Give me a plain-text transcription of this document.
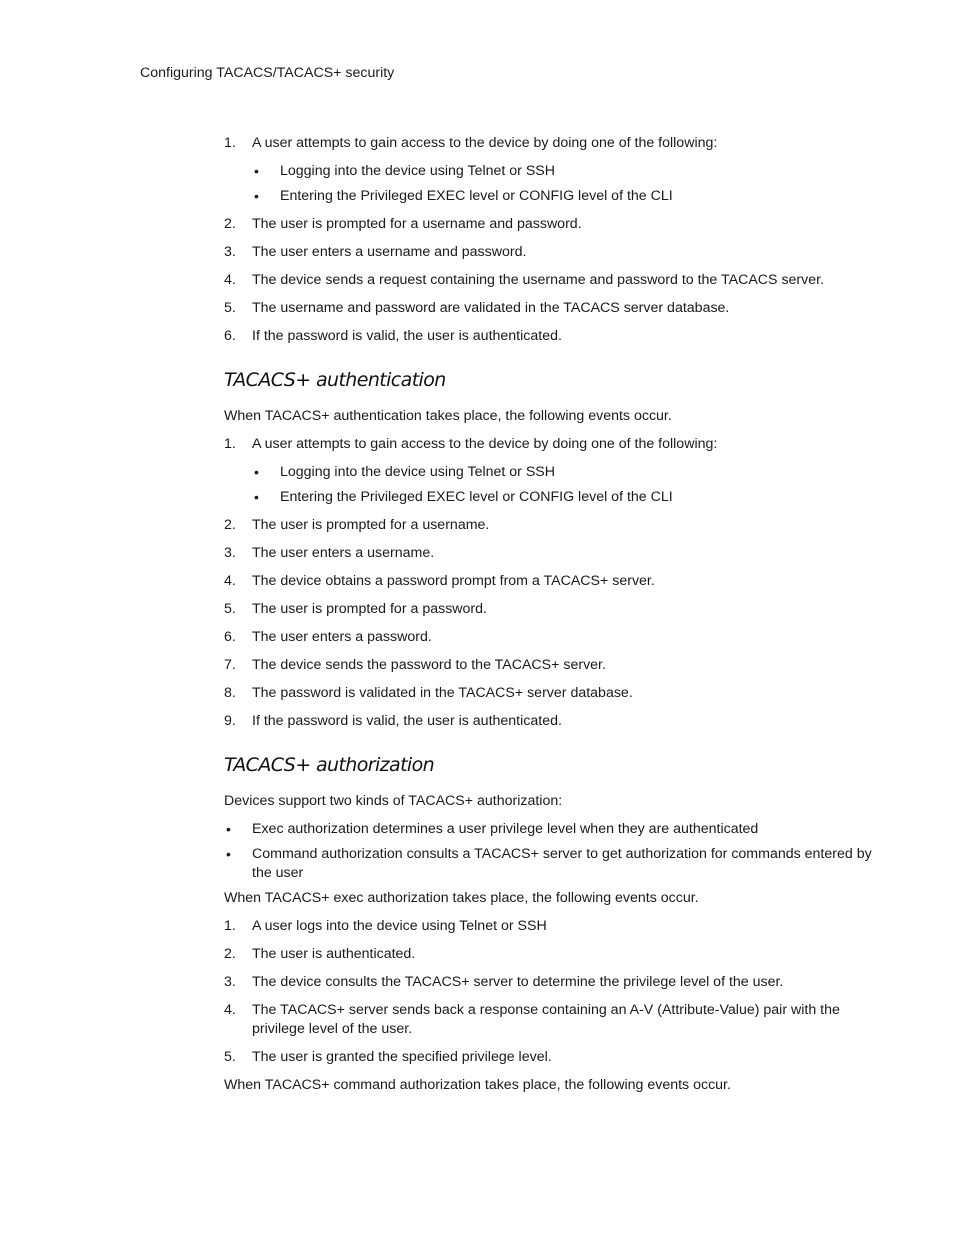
Configuring TACACS/TACACS+ security
1. A user attempts to gain access to the device by doing one of the following:
• Logging into the device using Telnet or SSH
• Entering the Privileged EXEC level or CONFIG level of the CLI
2. The user is prompted for a username and password.
3. The user enters a username and password.
4. The device sends a request containing the username and password to the TACACS server.
5. The username and password are validated in the TACACS server database.
6. If the password is valid, the user is authenticated.
TACACS+ authentication

When TACACS+ authentication takes place, the following events occur.

1. A user attempts to gain access to the device by doing one of the following:
• Logging into the device using Telnet or SSH
• Entering the Privileged EXEC level or CONFIG level of the CLI
2. The user is prompted for a username.
3. The user enters a username.
4. The device obtains a password prompt from a TACACS+ server.
5. The user is prompted for a password.
6. The user enters a password.
7. The device sends the password to the TACACS+ server.
8. The password is validated in the TACACS+ server database.
9. If the password is valid, the user is authenticated.
TACACS+ authorization

Devices support two kinds of TACACS+ authorization:

• Exec authorization determines a user privilege level when they are authenticated
• Command authorization consults a TACACS+ server to get authorization for commands entered by the user

When TACACS+ exec authorization takes place, the following events occur.

1. A user logs into the device using Telnet or SSH
2. The user is authenticated.
3. The device consults the TACACS+ server to determine the privilege level of the user.
4. The TACACS+ server sends back a response containing an A-V (Attribute-Value) pair with the privilege level of the user.
5. The user is granted the specified privilege level.

When TACACS+ command authorization takes place, the following events occur.
